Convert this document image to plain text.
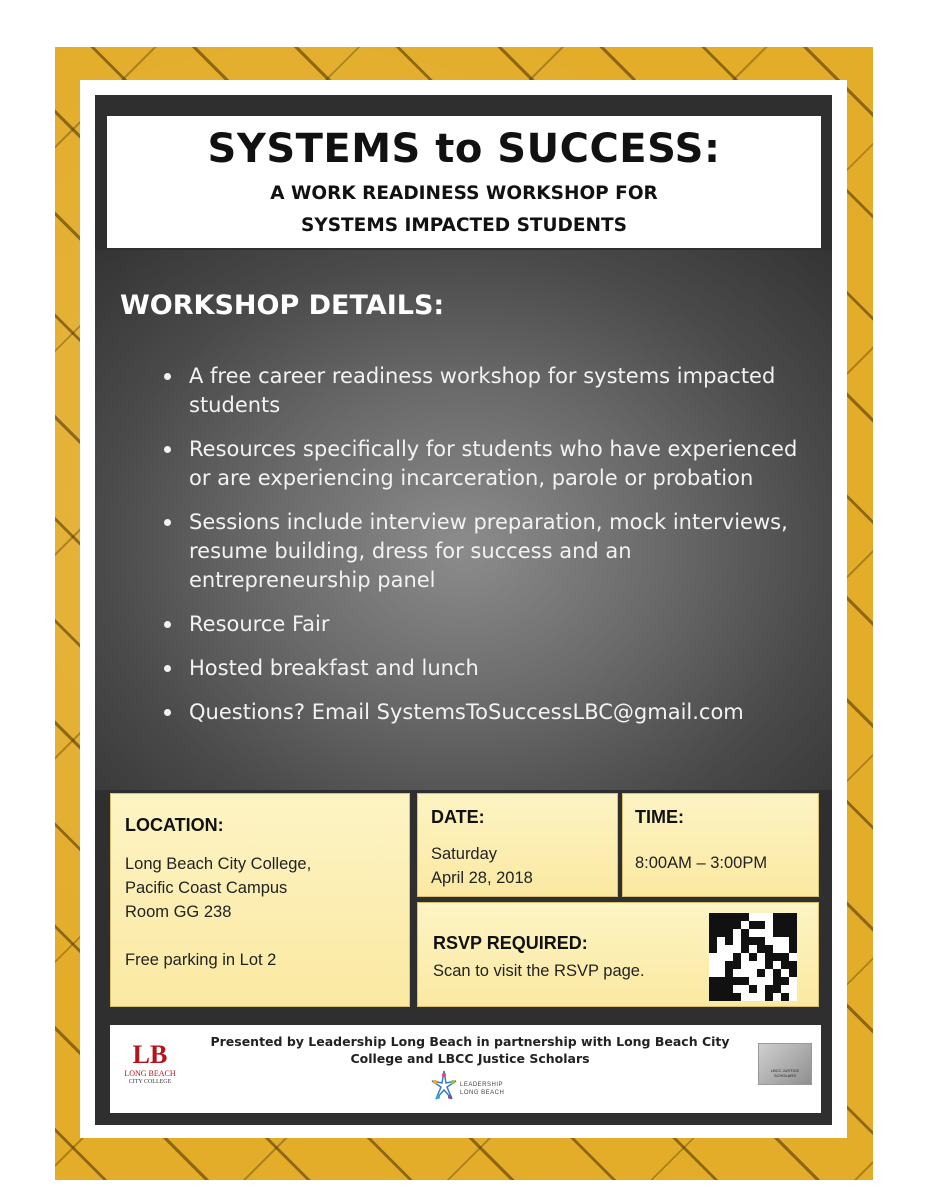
SYSTEMS to SUCCESS:
A WORK READINESS WORKSHOP FOR
SYSTEMS IMPACTED STUDENTS
WORKSHOP DETAILS:
A free career readiness workshop for systems impacted students
Resources specifically for students who have experienced or are experiencing incarceration, parole or probation
Sessions include interview preparation, mock interviews, resume building, dress for success and an entrepreneurship panel
Resource Fair
Hosted breakfast and lunch
Questions? Email SystemsToSuccessLBC@gmail.com
LOCATION:
Long Beach City College,
Pacific Coast Campus
Room GG 238
Free parking in Lot 2
DATE:
Saturday
April 28, 2018
TIME:
8:00AM – 3:00PM
RSVP REQUIRED:
Scan to visit the RSVP page.
Presented by Leadership Long Beach in partnership with Long Beach City College and LBCC Justice Scholars
LB
LONG BEACH
CITY COLLEGE	LEADERSHIP
LONG BEACH
LBCC JUSTICE SCHOLARS
